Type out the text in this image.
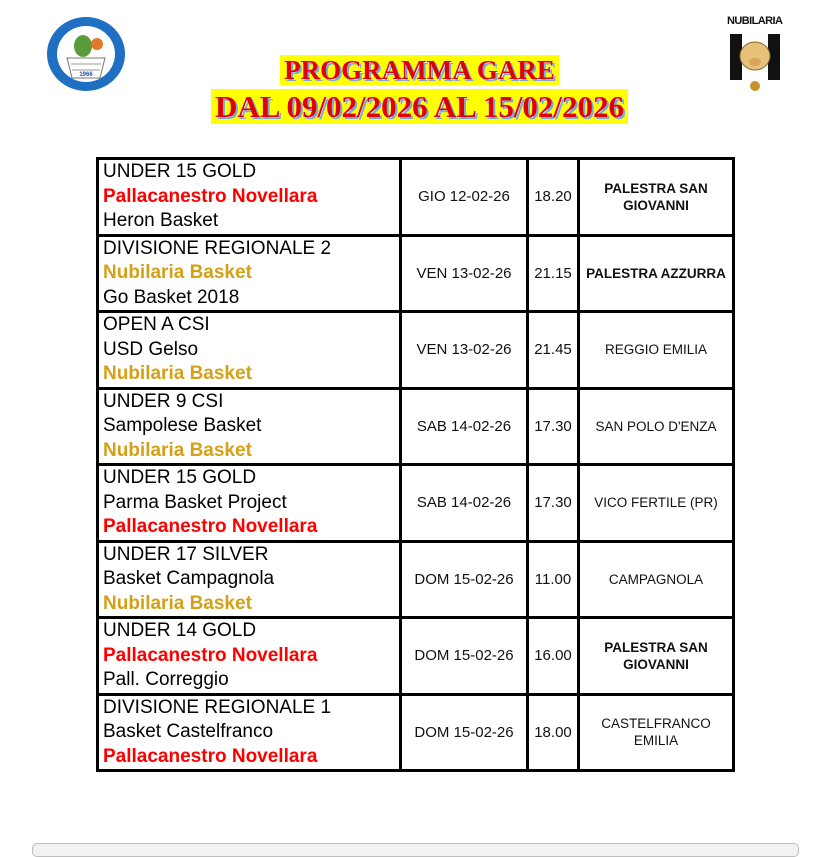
1966
NUBILARIA
PROGRAMMA GARE
DAL 09/02/2026 AL 15/02/2026
UNDER 15 GOLD
Pallacanestro Novellara
Heron Basket	GIO 12-02-26	18.20	PALESTRA SAN GIOVANNI

DIVISIONE REGIONALE 2
Nubilaria Basket
Go Basket 2018	VEN 13-02-26	21.15	PALESTRA AZZURRA

OPEN A CSI
USD Gelso
Nubilaria Basket	VEN 13-02-26	21.45	REGGIO EMILIA

UNDER 9 CSI
Sampolese Basket
Nubilaria Basket	SAB 14-02-26	17.30	SAN POLO D'ENZA

UNDER 15 GOLD
Parma Basket Project
Pallacanestro Novellara	SAB 14-02-26	17.30	VICO FERTILE (PR)

UNDER 17 SILVER
Basket Campagnola
Nubilaria Basket	DOM 15-02-26	11.00	CAMPAGNOLA

UNDER 14 GOLD
Pallacanestro Novellara
Pall. Correggio	DOM 15-02-26	16.00	PALESTRA SAN GIOVANNI

DIVISIONE REGIONALE 1
Basket Castelfranco
Pallacanestro Novellara	DOM 15-02-26	18.00	CASTELFRANCO EMILIA
